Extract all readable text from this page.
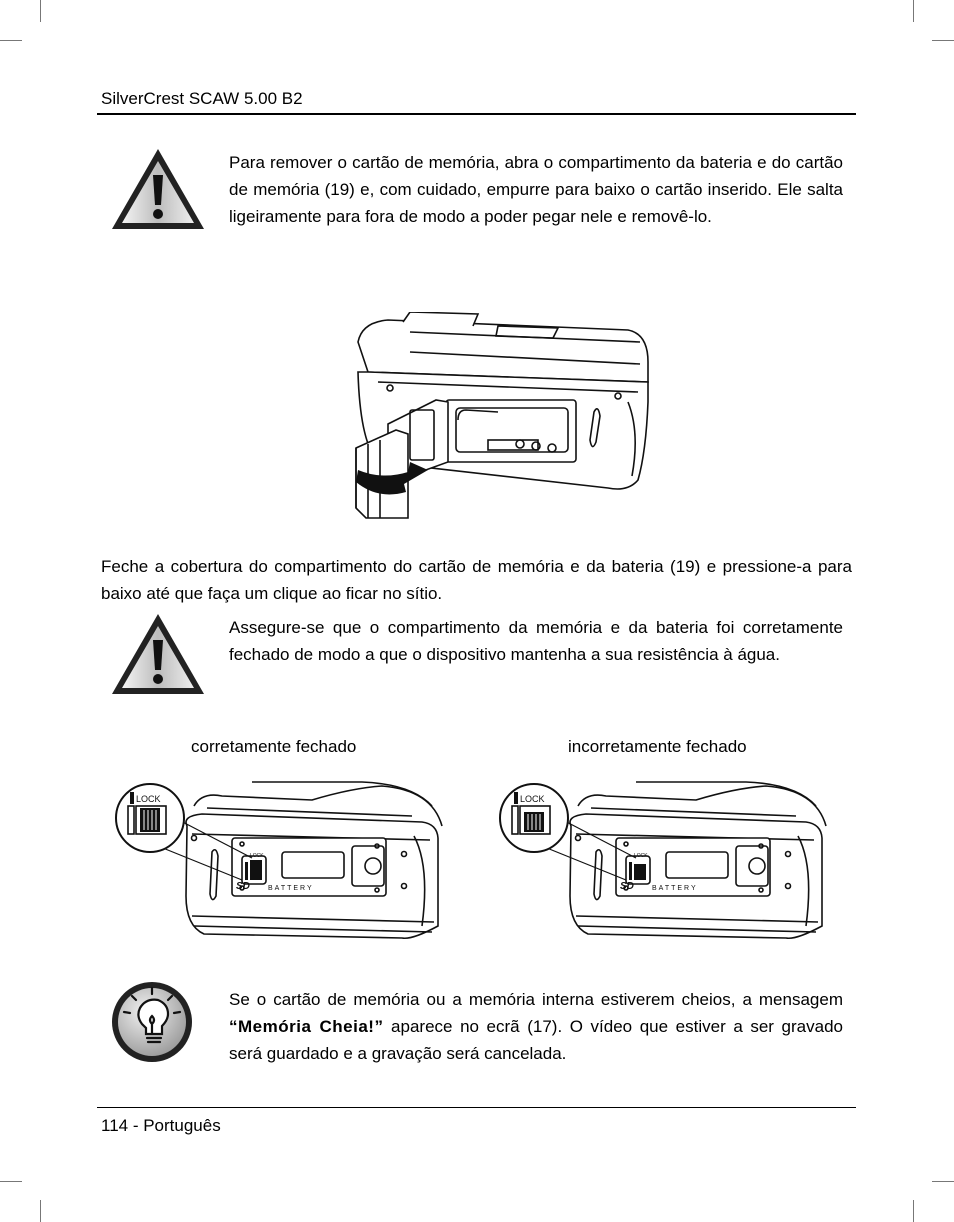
SilverCrest SCAW 5.00 B2
Para remover o cartão de memória, abra o compartimento da bateria e do cartão de memória (19) e, com cuidado, empurre para baixo o cartão inserido. Ele salta ligeiramente para fora de modo a poder pegar nele e removê-lo.
Feche a cobertura do compartimento do cartão de memória e da bateria (19) e pressione-a para baixo até que faça um clique ao ficar no sítio.
Assegure-se que o compartimento da memória e da bateria foi corretamente fechado de modo a que o dispositivo mantenha a sua resistência à água.
corretamente fechado	incorretamente fechado
LOCK
SD	BATTERY
LOCK
LOCK
SD	BATTERY
LOCK
Se o cartão de memória ou a memória interna estiverem cheios, a mensagem “Memória Cheia!” aparece no ecrã (17). O vídeo que estiver a ser gravado será guardado e a gravação será cancelada.
114 - Português
